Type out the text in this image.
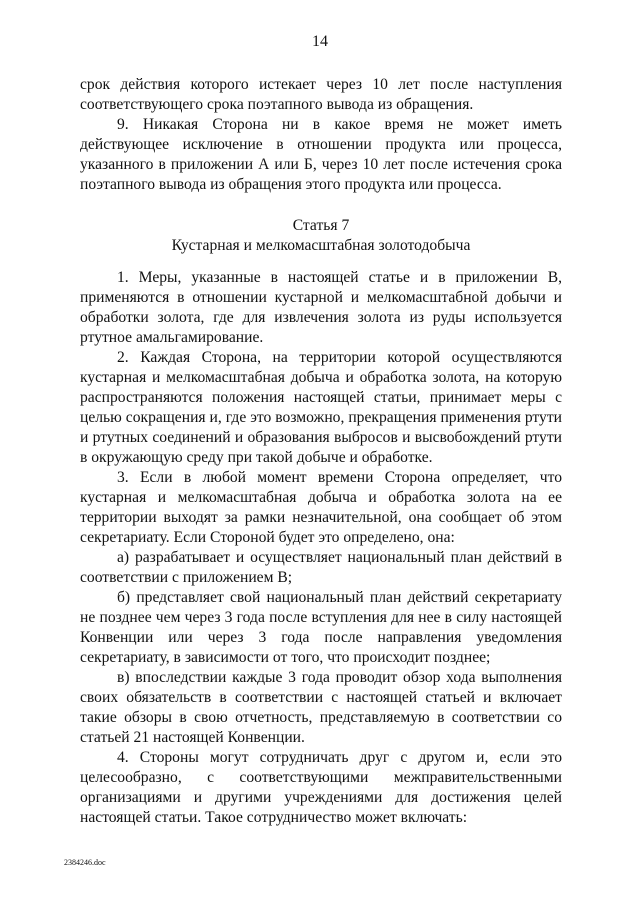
14

срок действия которого истекает через 10 лет после наступления соответствующего срока поэтапного вывода из обращения.

9. Никакая Сторона ни в какое время не может иметь действующее исключение в отношении продукта или процесса, указанного в приложении А или Б, через 10 лет после истечения срока поэтапного вывода из обращения этого продукта или процесса.

Статья 7
Кустарная и мелкомасштабная золотодобыча

1. Меры, указанные в настоящей статье и в приложении В, применяются в отношении кустарной и мелкомасштабной добычи и обработки золота, где для извлечения золота из руды используется ртутное амальгамирование.

2. Каждая Сторона, на территории которой осуществляются кустарная и мелкомасштабная добыча и обработка золота, на которую распространяются положения настоящей статьи, принимает меры с целью сокращения и, где это возможно, прекращения применения ртути и ртутных соединений и образования выбросов и высвобождений ртути в окружающую среду при такой добыче и обработке.

3. Если в любой момент времени Сторона определяет, что кустарная и мелкомасштабная добыча и обработка золота на ее территории выходят за рамки незначительной, она сообщает об этом секретариату. Если Стороной будет это определено, она:

а) разрабатывает и осуществляет национальный план действий в соответствии с приложением В;

б) представляет свой национальный план действий секретариату не позднее чем через 3 года после вступления для нее в силу настоящей Конвенции или через 3 года после направления уведомления секретариату, в зависимости от того, что происходит позднее;

в) впоследствии каждые 3 года проводит обзор хода выполнения своих обязательств в соответствии с настоящей статьей и включает такие обзоры в свою отчетность, представляемую в соответствии со статьей 21 настоящей Конвенции.

4. Стороны могут сотрудничать друг с другом и, если это целесообразно, с соответствующими межправительственными организациями и другими учреждениями для достижения целей настоящей статьи. Такое сотрудничество может включать:

2384246.doc
